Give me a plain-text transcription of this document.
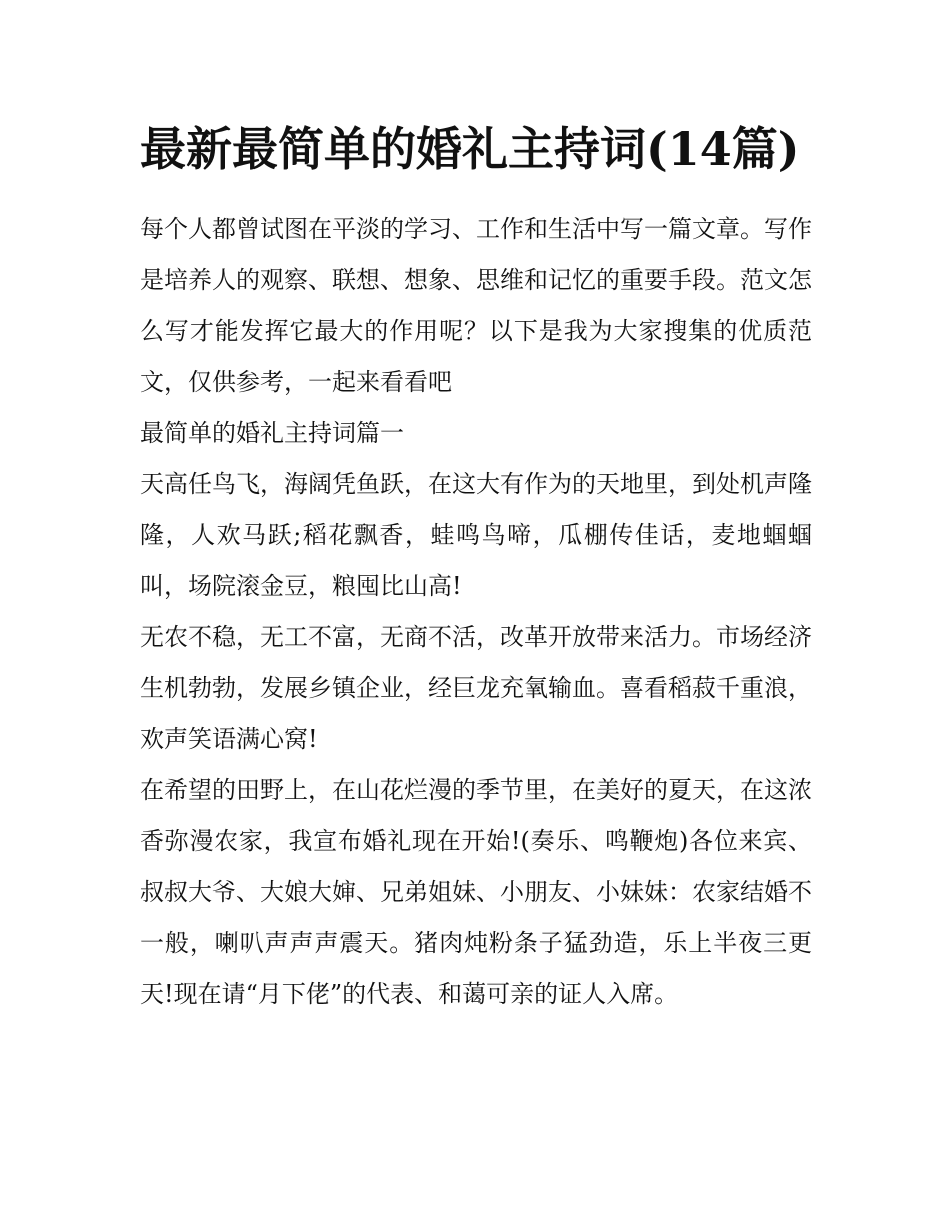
最新最简单的婚礼主持词(14篇)

每个人都曾试图在平淡的学习、工作和生活中写一篇文章。写作是培养人的观察、联想、想象、思维和记忆的重要手段。范文怎么写才能发挥它最大的作用呢？以下是我为大家搜集的优质范文，仅供参考，一起来看看吧

最简单的婚礼主持词篇一

天高任鸟飞，海阔凭鱼跃，在这大有作为的天地里，到处机声隆隆，人欢马跃;稻花飘香，蛙鸣鸟啼，瓜棚传佳话，麦地蝈蝈叫，场院滚金豆，粮囤比山高!

无农不稳，无工不富，无商不活，改革开放带来活力。市场经济生机勃勃，发展乡镇企业，经巨龙充氧输血。喜看稻菽千重浪，欢声笑语满心窝!

在希望的田野上，在山花烂漫的季节里，在美好的夏天，在这浓香弥漫农家，我宣布婚礼现在开始!(奏乐、鸣鞭炮)各位来宾、叔叔大爷、大娘大婶、兄弟姐妹、小朋友、小妹妹：农家结婚不一般，喇叭声声声震天。猪肉炖粉条子猛劲造，乐上半夜三更天!现在请“月下佬”的代表、和蔼可亲的证人入席。
